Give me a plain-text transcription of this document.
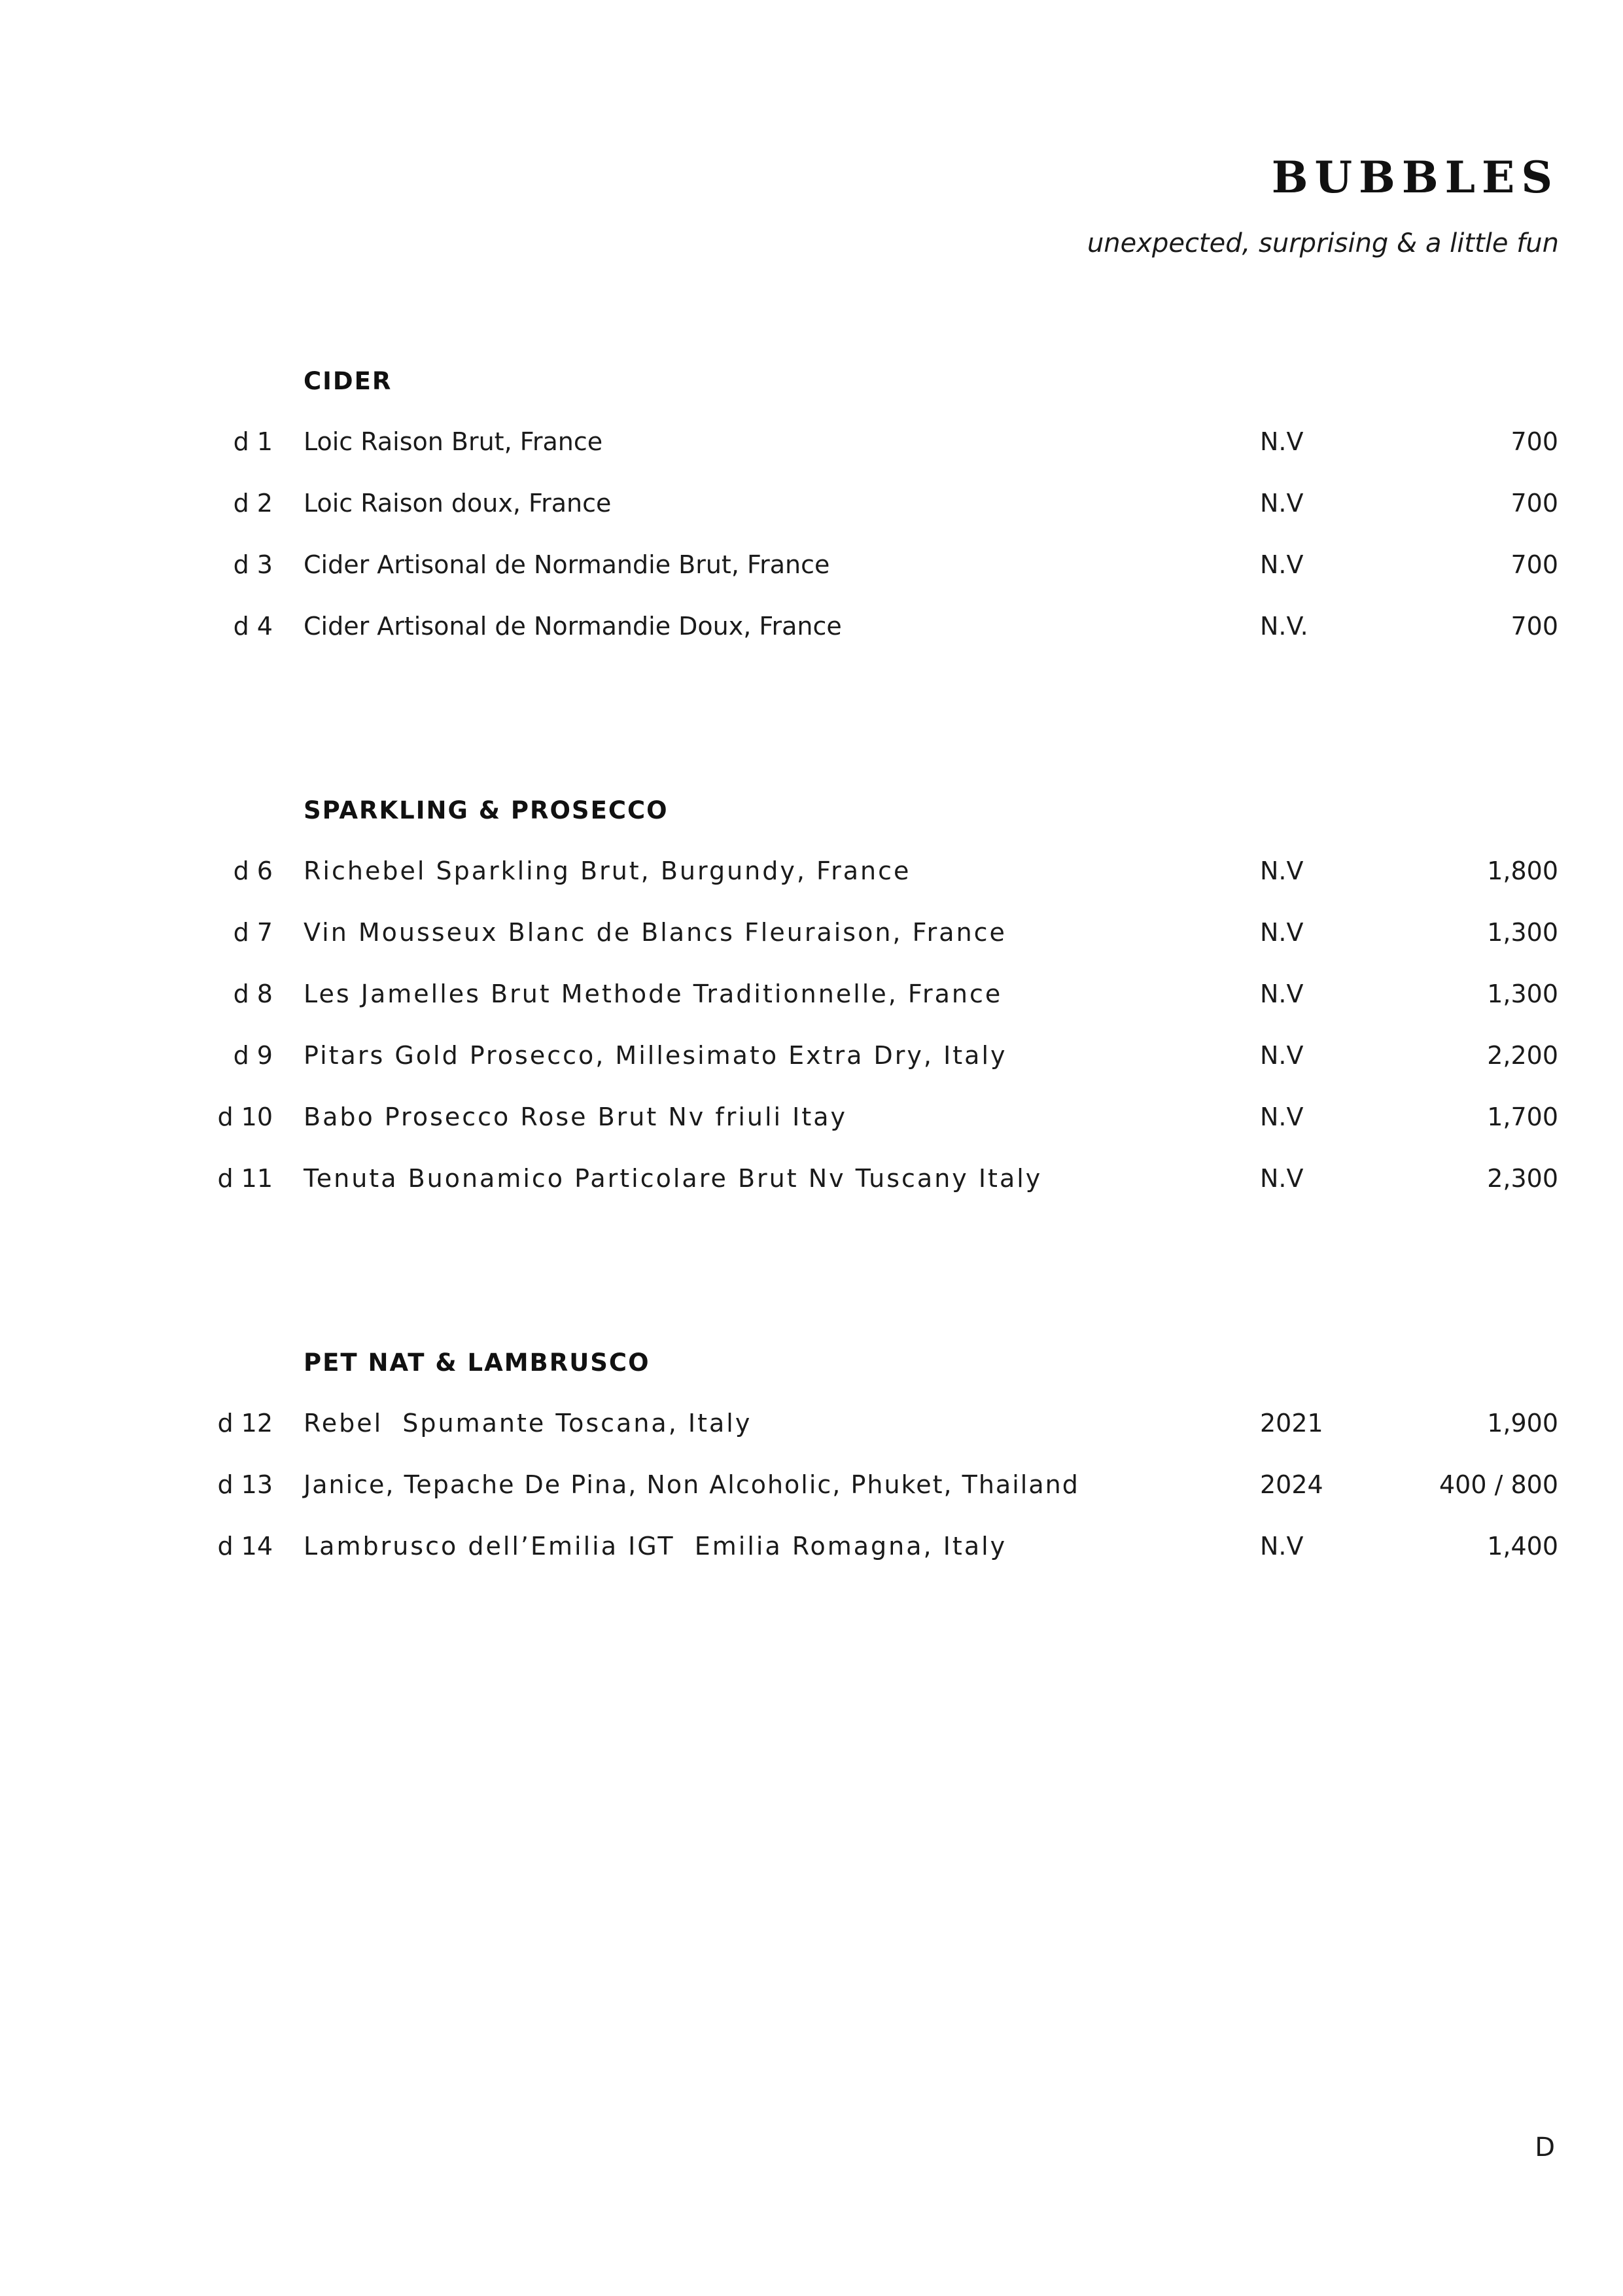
BUBBLES
unexpected, surprising & a little fun
CIDER
d 1 Loic Raison Brut, France	N.V	700
d 2 Loic Raison doux, France	N.V	700
d 3 Cider Artisonal de Normandie Brut, France	N.V	700
d 4 Cider Artisonal de Normandie Doux, France	N.V.	700
SPARKLING & PROSECCO
d 6 Richebel Sparkling Brut, Burgundy, France	N.V	1,800
d 7 Vin Mousseux Blanc de Blancs Fleuraison, France	N.V	1,300
d 8 Les Jamelles Brut Methode Traditionnelle, France	N.V	1,300
d 9 Pitars Gold Prosecco, Millesimato Extra Dry, Italy	N.V	2,200
d 10 Babo Prosecco Rose Brut Nv friuli Itay	N.V	1,700
d 11 Tenuta Buonamico Particolare Brut Nv Tuscany Italy	N.V	2,300
PET NAT & LAMBRUSCO
d 12 Rebel  Spumante Toscana, Italy	2021	1,900
d 13 Janice, Tepache De Pina, Non Alcoholic, Phuket, Thailand	2024	400 / 800
d 14 Lambrusco dell’Emilia IGT  Emilia Romagna, Italy	N.V	1,400
D
